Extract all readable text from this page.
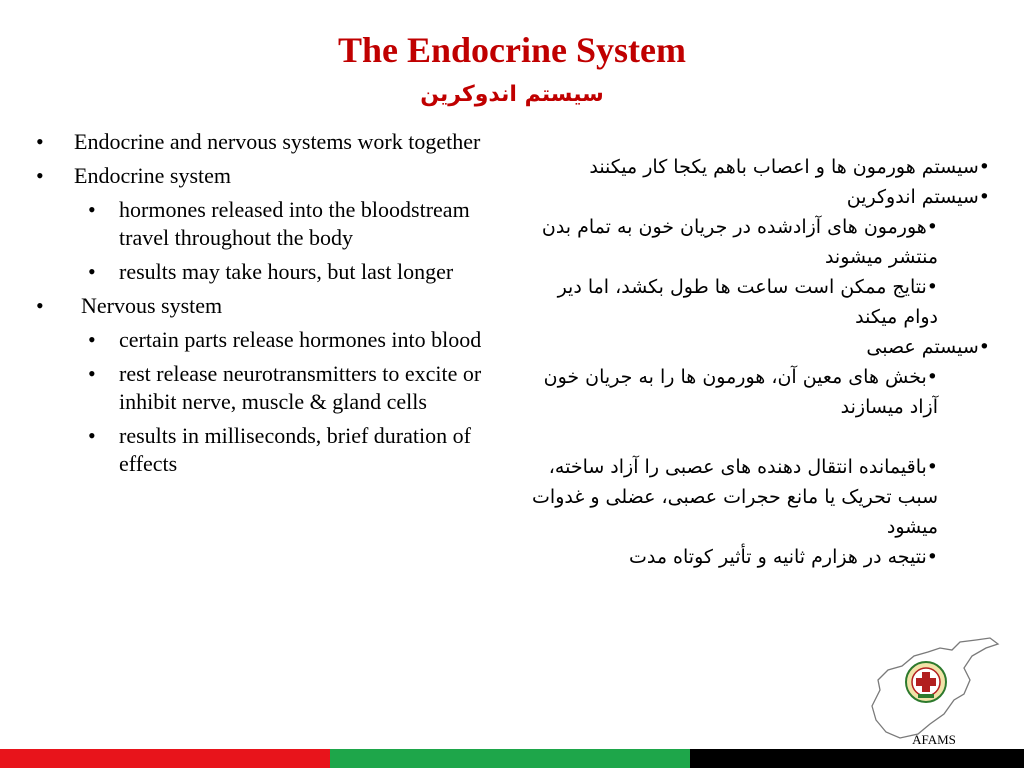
The Endocrine System
سیستم اندوکرین
• Endocrine and nervous systems work together
• Endocrine system
• hormones released into the bloodstream travel throughout the body
• results may take hours, but last longer
• Nervous system
• certain parts release hormones into blood
• rest release neurotransmitters to excite or inhibit nerve, muscle & gland cells
• results in milliseconds, brief duration of effects

•سیستم هورمون ها و اعصاب باهم یکجا کار میکنند

•سیستم اندوکرین

•هورمون های آزادشده در جریان خون به تمام بدن منتشر میشوند

•نتایج ممکن است ساعت ها طول بکشد، اما دیر دوام میکند

•سیستم عصبی

•بخش های معین آن، هورمون ها را به جریان خون آزاد میسازند

•باقیمانده انتقال دهنده های عصبی را آزاد ساخته، سبب تحریک یا مانع حجرات عصبی، عضلی و غدوات میشود

•نتیجه در هزارم ثانیه و تأثیر کوتاه مدت

AFAMS
